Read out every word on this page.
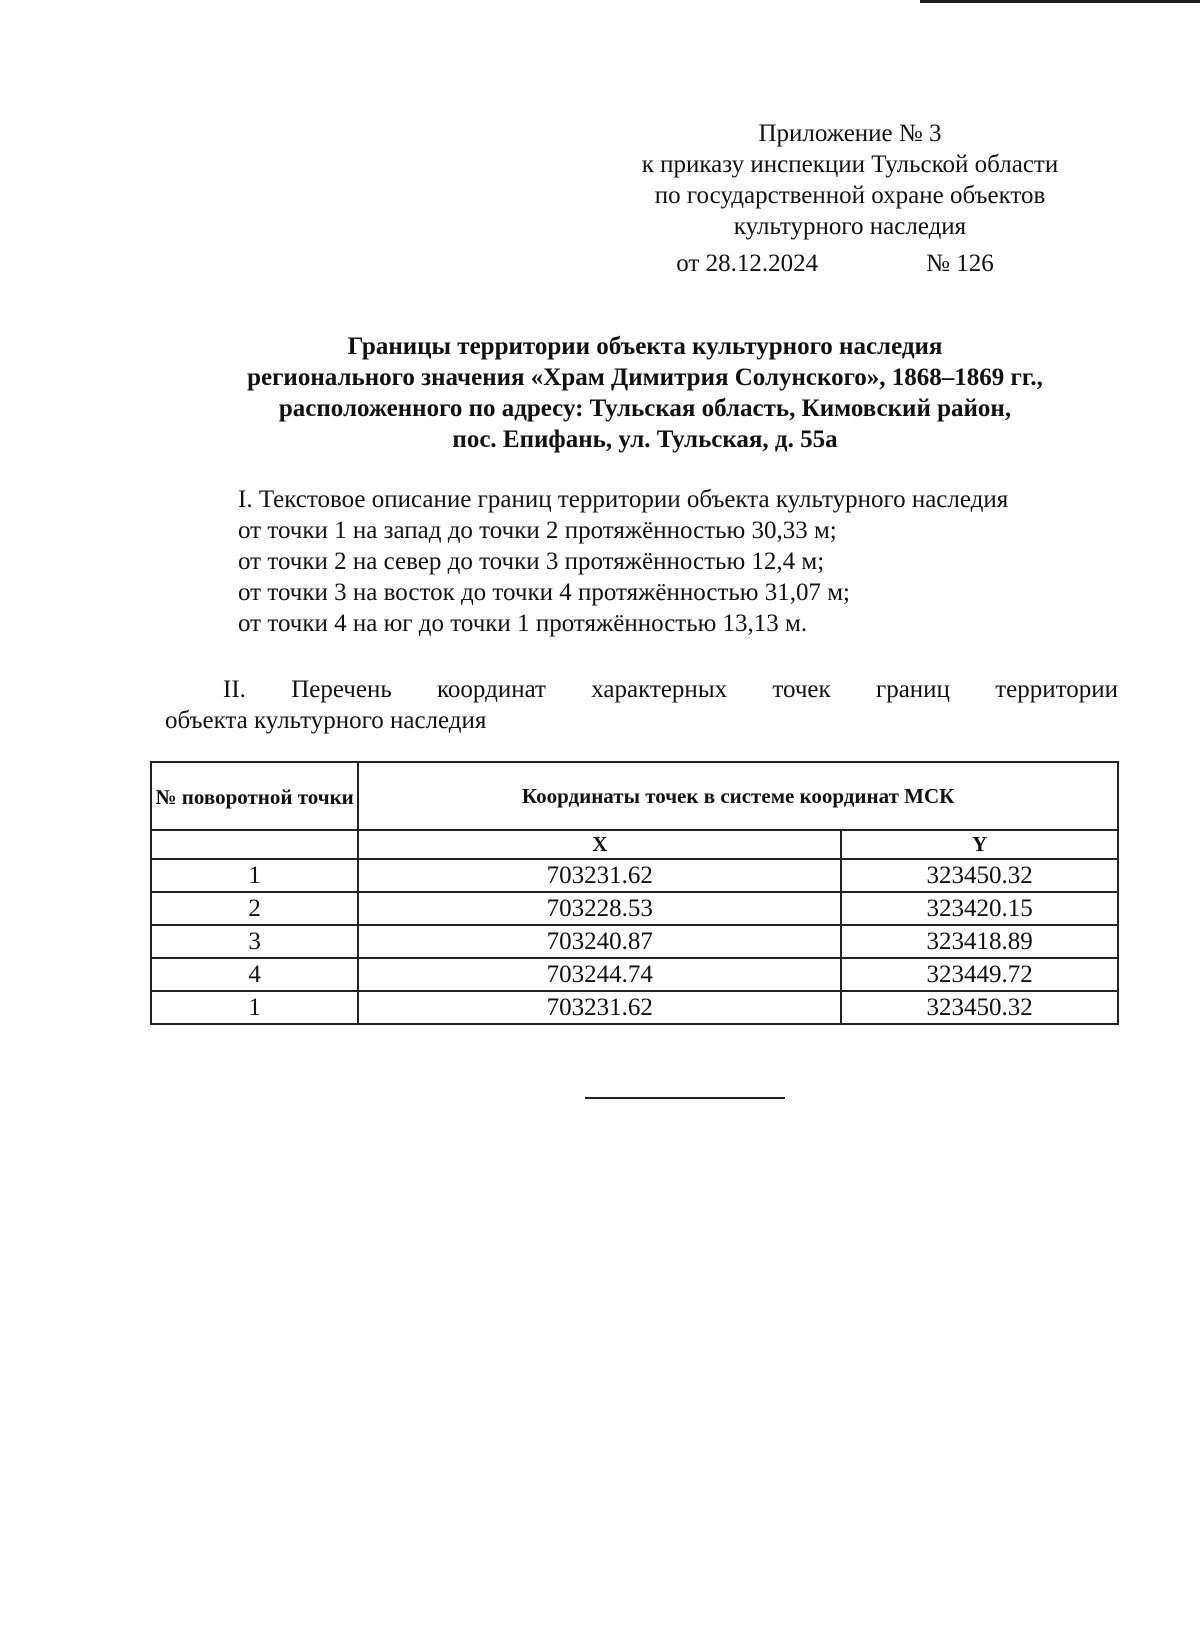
Приложение № 3
к приказу инспекции Тульской области
по государственной охране объектов
культурного наследия
от 28.12.2024	№ 126
Границы территории объекта культурного наследия
регионального значения «Храм Димитрия Солунского», 1868–1869 гг.,
расположенного по адресу: Тульская область, Кимовский район,
пос. Епифань, ул. Тульская, д. 55а
I. Текстовое описание границ территории объекта культурного наследия
от точки 1 на запад до точки 2 протяжённостью 30,33 м;
от точки 2 на север до точки 3 протяжённостью 12,4 м;
от точки 3 на восток до точки 4 протяжённостью 31,07 м;
от точки 4 на юг до точки 1 протяжённостью 13,13 м.
II. Перечень координат характерных точек границ территории
объекта культурного наследия
№ поворотной точки	Координаты точек в системе координат МСК	
	X	Y
1	703231.62	323450.32
2	703228.53	323420.15
3	703240.87	323418.89
4	703244.74	323449.72
1	703231.62	323450.32
